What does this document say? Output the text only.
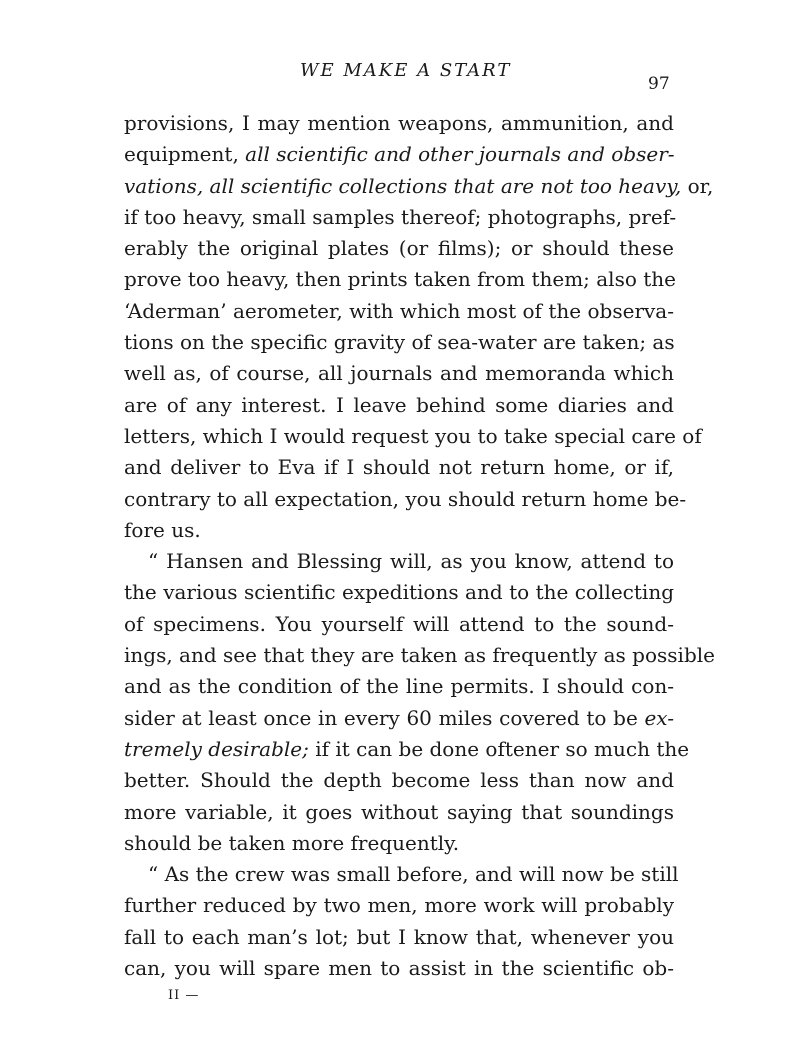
WE MAKE A START
97
provisions, I may mention weapons, ammunition, and
equipment, all scientific and other journals and obser-
vations, all scientific collections that are not too heavy, or,
if too heavy, small samples thereof; photographs, pref-
erably the original plates (or films); or should these
prove too heavy, then prints taken from them; also the
‘Aderman’ aerometer, with which most of the observa-
tions on the specific gravity of sea-water are taken; as
well as, of course, all journals and memoranda which
are of any interest. I leave behind some diaries and
letters, which I would request you to take special care of
and deliver to Eva if I should not return home, or if,
contrary to all expectation, you should return home be-
fore us.
“ Hansen and Blessing will, as you know, attend to
the various scientific expeditions and to the collecting
of specimens. You yourself will attend to the sound-
ings, and see that they are taken as frequently as possible
and as the condition of the line permits. I should con-
sider at least once in every 60 miles covered to be ex-
tremely desirable; if it can be done oftener so much the
better. Should the depth become less than now and
more variable, it goes without saying that soundings
should be taken more frequently.
“ As the crew was small before, and will now be still
further reduced by two men, more work will probably
fall to each man’s lot; but I know that, whenever you
can, you will spare men to assist in the scientific ob-
II —
